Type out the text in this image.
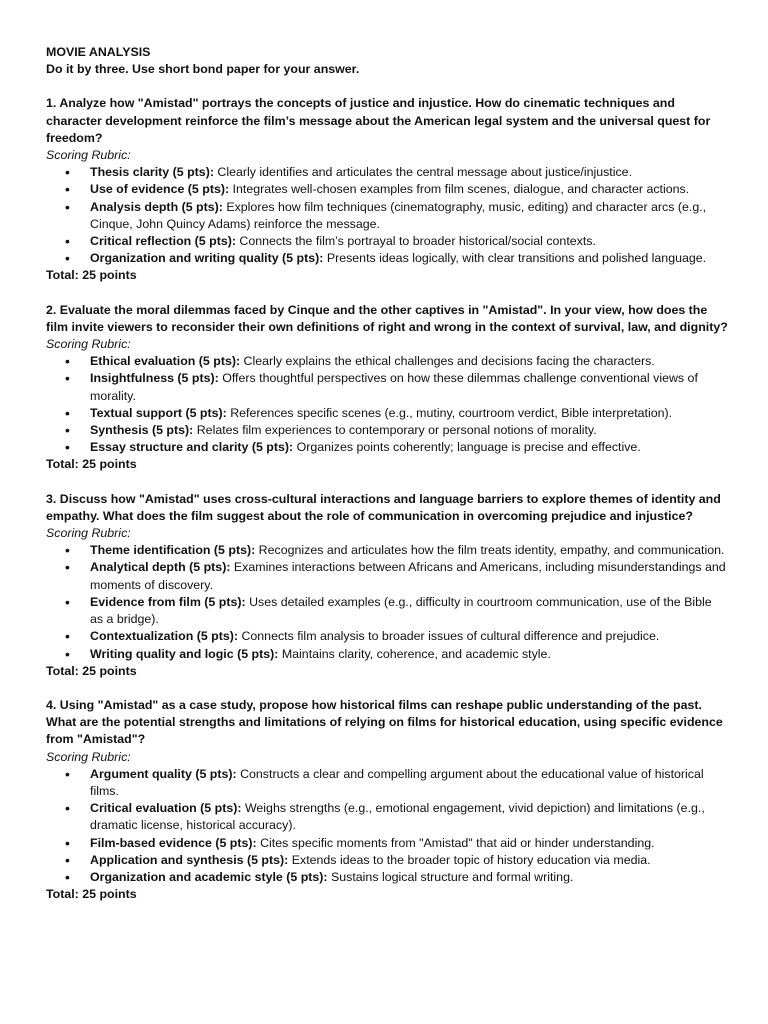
MOVIE ANALYSIS
Do it by three. Use short bond paper for your answer.
1. Analyze how "Amistad" portrays the concepts of justice and injustice. How do cinematic techniques and character development reinforce the film’s message about the American legal system and the universal quest for freedom?
Scoring Rubric:
• Thesis clarity (5 pts): Clearly identifies and articulates the central message about justice/injustice.
• Use of evidence (5 pts): Integrates well-chosen examples from film scenes, dialogue, and character actions.
• Analysis depth (5 pts): Explores how film techniques (cinematography, music, editing) and character arcs (e.g., Cinque, John Quincy Adams) reinforce the message.
• Critical reflection (5 pts): Connects the film’s portrayal to broader historical/social contexts.
• Organization and writing quality (5 pts): Presents ideas logically, with clear transitions and polished language.
Total: 25 points
2. Evaluate the moral dilemmas faced by Cinque and the other captives in "Amistad". In your view, how does the film invite viewers to reconsider their own definitions of right and wrong in the context of survival, law, and dignity?
Scoring Rubric:
• Ethical evaluation (5 pts): Clearly explains the ethical challenges and decisions facing the characters.
• Insightfulness (5 pts): Offers thoughtful perspectives on how these dilemmas challenge conventional views of morality.
• Textual support (5 pts): References specific scenes (e.g., mutiny, courtroom verdict, Bible interpretation).
• Synthesis (5 pts): Relates film experiences to contemporary or personal notions of morality.
• Essay structure and clarity (5 pts): Organizes points coherently; language is precise and effective.
Total: 25 points
3. Discuss how "Amistad" uses cross-cultural interactions and language barriers to explore themes of identity and empathy. What does the film suggest about the role of communication in overcoming prejudice and injustice?
Scoring Rubric:
• Theme identification (5 pts): Recognizes and articulates how the film treats identity, empathy, and communication.
• Analytical depth (5 pts): Examines interactions between Africans and Americans, including misunderstandings and moments of discovery.
• Evidence from film (5 pts): Uses detailed examples (e.g., difficulty in courtroom communication, use of the Bible as a bridge).
• Contextualization (5 pts): Connects film analysis to broader issues of cultural difference and prejudice.
• Writing quality and logic (5 pts): Maintains clarity, coherence, and academic style.
Total: 25 points
4. Using "Amistad" as a case study, propose how historical films can reshape public understanding of the past. What are the potential strengths and limitations of relying on films for historical education, using specific evidence from "Amistad"?
Scoring Rubric:
• Argument quality (5 pts): Constructs a clear and compelling argument about the educational value of historical films.
• Critical evaluation (5 pts): Weighs strengths (e.g., emotional engagement, vivid depiction) and limitations (e.g., dramatic license, historical accuracy).
• Film-based evidence (5 pts): Cites specific moments from "Amistad" that aid or hinder understanding.
• Application and synthesis (5 pts): Extends ideas to the broader topic of history education via media.
• Organization and academic style (5 pts): Sustains logical structure and formal writing.
Total: 25 points
